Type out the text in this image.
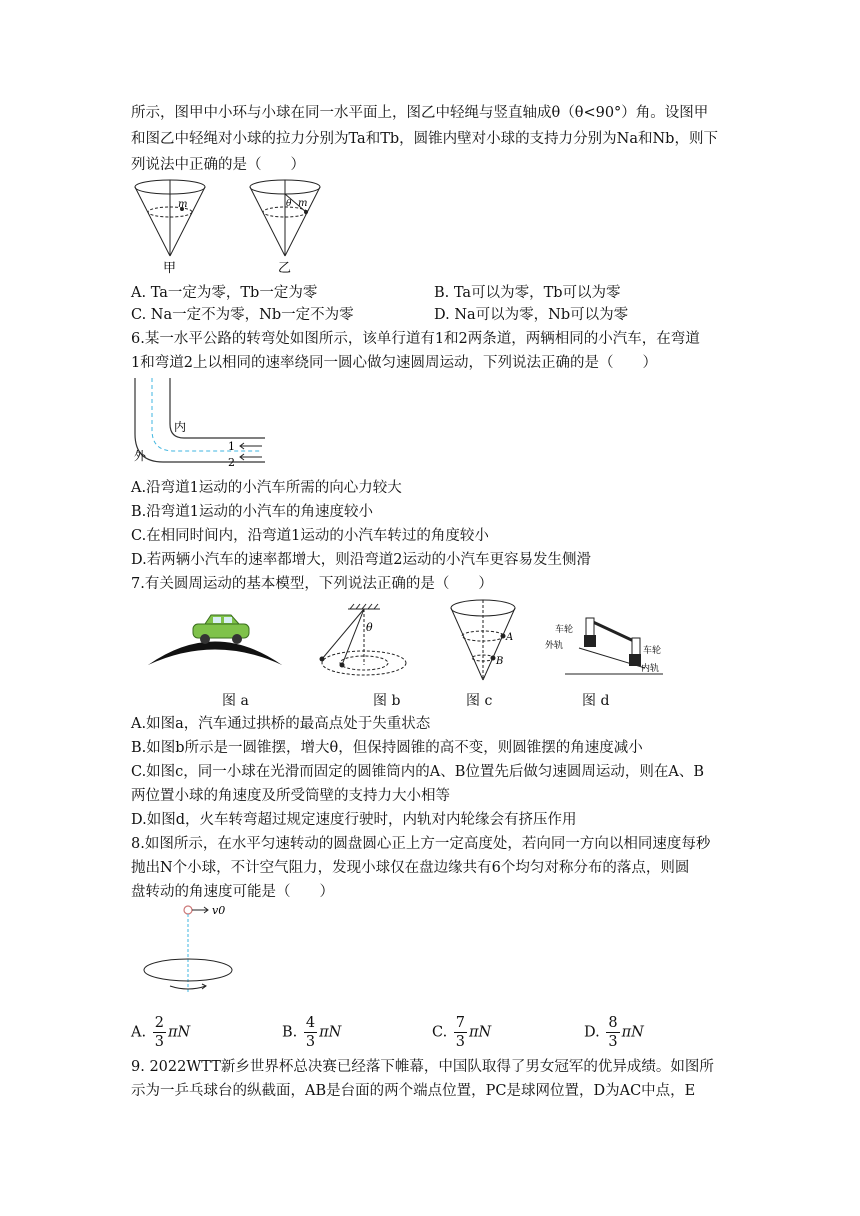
所示，图甲中小环与小球在同一水平面上，图乙中轻绳与竖直轴成θ（θ<90°）角。设图甲
和图乙中轻绳对小球的拉力分别为Ta和Tb，圆锥内壁对小球的支持力分别为Na和Nb，则下
列说法中正确的是（　　）
m	m
θ
甲	乙
A. Ta一定为零，Tb一定为零	B. Ta可以为零，Tb可以为零
C. Na一定不为零，Nb一定不为零	D. Na可以为零，Nb可以为零
6.某一水平公路的转弯处如图所示，该单行道有1和2两条道，两辆相同的小汽车，在弯道
1和弯道2上以相同的速率绕同一圆心做匀速圆周运动，下列说法正确的是（　　）
内
外
1
2
A.沿弯道1运动的小汽车所需的向心力较大
B.沿弯道1运动的小汽车的角速度较小
C.在相同时间内，沿弯道1运动的小汽车转过的角度较小
D.若两辆小汽车的速率都增大，则沿弯道2运动的小汽车更容易发生侧滑
7.有关圆周运动的基本模型，下列说法正确的是（　　）
图 a
θ
图 b
A
B
图 c
车轮
车轮
外轨
内轨
图 d
A.如图a，汽车通过拱桥的最高点处于失重状态
B.如图b所示是一圆锥摆，增大θ，但保持圆锥的高不变，则圆锥摆的角速度减小
C.如图c，同一小球在光滑而固定的圆锥筒内的A、B位置先后做匀速圆周运动，则在A、B
两位置小球的角速度及所受筒壁的支持力大小相等
D.如图d，火车转弯超过规定速度行驶时，内轨对内轮缘会有挤压作用
8.如图所示，在水平匀速转动的圆盘圆心正上方一定高度处，若向同一方向以相同速度每秒
抛出N个小球，不计空气阻力，发现小球仅在盘边缘共有6个均匀对称分布的落点，则圆
盘转动的角速度可能是（　　）
v0
A. $\frac{2}{3}$ πN	B. $\frac{4}{3}$ πN	C. $\frac{7}{3}$ πN	D. $\frac{8}{3}$ πN
9. 2022WTT新乡世界杯总决赛已经落下帷幕，中国队取得了男女冠军的优异成绩。如图所
示为一乒乓球台的纵截面，AB是台面的两个端点位置，PC是球网位置，D为AC中点，E
